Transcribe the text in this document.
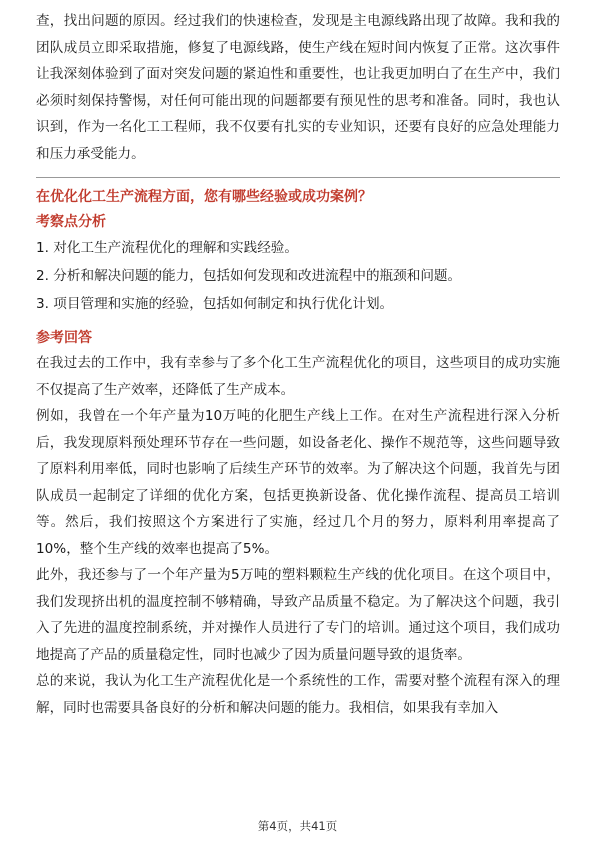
查，找出问题的原因。经过我们的快速检查，发现是主电源线路出现了故障。我和我的团队成员立即采取措施，修复了电源线路，使生产线在短时间内恢复了正常。这次事件让我深刻体验到了面对突发问题的紧迫性和重要性，也让我更加明白了在生产中，我们必须时刻保持警惕，对任何可能出现的问题都要有预见性的思考和准备。同时，我也认识到，作为一名化工工程师，我不仅要有扎实的专业知识，还要有良好的应急处理能力和压力承受能力。

在优化化工生产流程方面，您有哪些经验或成功案例？

考察点分析

1. 对化工生产流程优化的理解和实践经验。

2. 分析和解决问题的能力，包括如何发现和改进流程中的瓶颈和问题。

3. 项目管理和实施的经验，包括如何制定和执行优化计划。

参考回答

在我过去的工作中，我有幸参与了多个化工生产流程优化的项目，这些项目的成功实施不仅提高了生产效率，还降低了生产成本。

例如，我曾在一个年产量为10万吨的化肥生产线上工作。在对生产流程进行深入分析后，我发现原料预处理环节存在一些问题，如设备老化、操作不规范等，这些问题导致了原料利用率低，同时也影响了后续生产环节的效率。为了解决这个问题，我首先与团队成员一起制定了详细的优化方案，包括更换新设备、优化操作流程、提高员工培训等。然后，我们按照这个方案进行了实施，经过几个月的努力，原料利用率提高了10%，整个生产线的效率也提高了5%。

此外，我还参与了一个年产量为5万吨的塑料颗粒生产线的优化项目。在这个项目中，我们发现挤出机的温度控制不够精确，导致产品质量不稳定。为了解决这个问题，我引入了先进的温度控制系统，并对操作人员进行了专门的培训。通过这个项目，我们成功地提高了产品的质量稳定性，同时也减少了因为质量问题导致的退货率。

总的来说，我认为化工生产流程优化是一个系统性的工作，需要对整个流程有深入的理解，同时也需要具备良好的分析和解决问题的能力。我相信，如果我有幸加入

第4页，共41页
